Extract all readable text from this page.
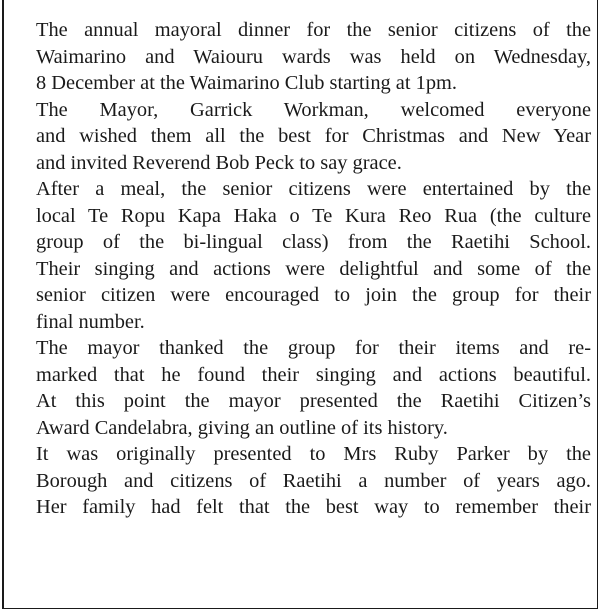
The annual mayoral dinner for the senior citizens of the
Waimarino and Waiouru wards was held on Wednesday,
8 December at the Waimarino Club starting at 1pm.

The Mayor, Garrick Workman, welcomed everyone
and wished them all the best for Christmas and New Year
and invited Reverend Bob Peck to say grace.

After a meal, the senior citizens were entertained by the
local Te Ropu Kapa Haka o Te Kura Reo Rua (the culture
group of the bi-lingual class) from the Raetihi School.
Their singing and actions were delightful and some of the
senior citizen were encouraged to join the group for their
final number.

The mayor thanked the group for their items and re-
marked that he found their singing and actions beautiful.
At this point the mayor presented the Raetihi Citizen’s
Award Candelabra, giving an outline of its history.

It was originally presented to Mrs Ruby Parker by the
Borough and citizens of Raetihi a number of years ago.
Her family had felt that the best way to remember their
